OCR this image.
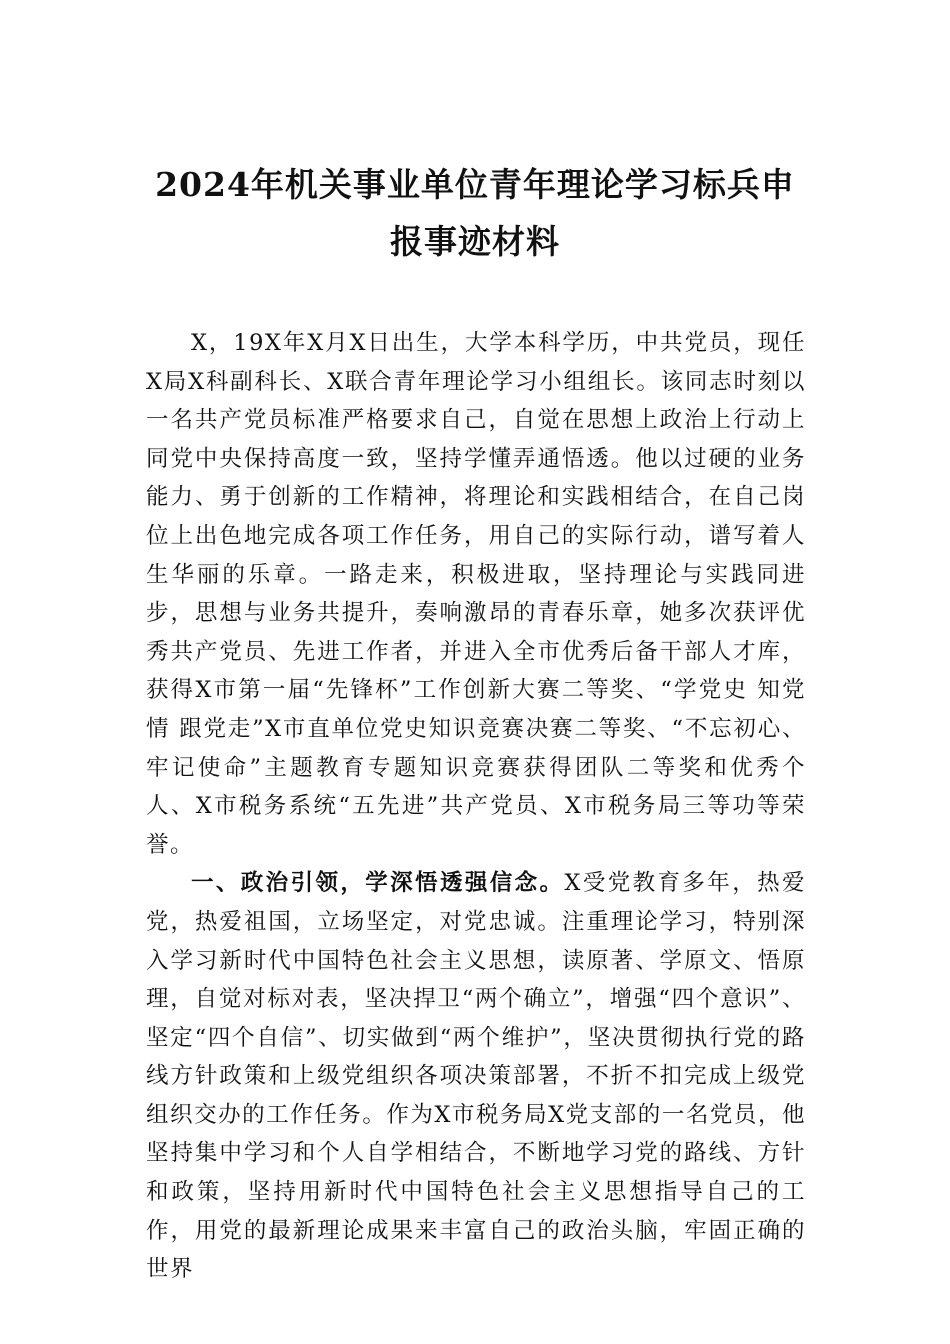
2024年机关事业单位青年理论学习标兵申
报事迹材料

X，19X年X月X日出生，大学本科学历，中共党员，现任X局X科副科长、X联合青年理论学习小组组长。该同志时刻以一名共产党员标准严格要求自己，自觉在思想上政治上行动上同党中央保持高度一致，坚持学懂弄通悟透。他以过硬的业务能力、勇于创新的工作精神，将理论和实践相结合，在自己岗位上出色地完成各项工作任务，用自己的实际行动，谱写着人生华丽的乐章。一路走来，积极进取，坚持理论与实践同进步，思想与业务共提升，奏响激昂的青春乐章，她多次获评优秀共产党员、先进工作者，并进入全市优秀后备干部人才库，获得X市第一届“先锋杯”工作创新大赛二等奖、“学党史 知党情 跟党走”X市直单位党史知识竞赛决赛二等奖、“不忘初心、牢记使命”主题教育专题知识竞赛获得团队二等奖和优秀个人、X市税务系统“五先进”共产党员、X市税务局三等功等荣誉。

一、政治引领，学深悟透强信念。X受党教育多年，热爱党，热爱祖国，立场坚定，对党忠诚。注重理论学习，特别深入学习新时代中国特色社会主义思想，读原著、学原文、悟原理，自觉对标对表，坚决捍卫“两个确立”，增强“四个意识”、坚定“四个自信”、切实做到“两个维护”，坚决贯彻执行党的路线方针政策和上级党组织各项决策部署，不折不扣完成上级党组织交办的工作任务。作为X市税务局X党支部的一名党员，他坚持集中学习和个人自学相结合，不断地学习党的路线、方针和政策，坚持用新时代中国特色社会主义思想指导自己的工作，用党的最新理论成果来丰富自己的政治头脑，牢固正确的世界
